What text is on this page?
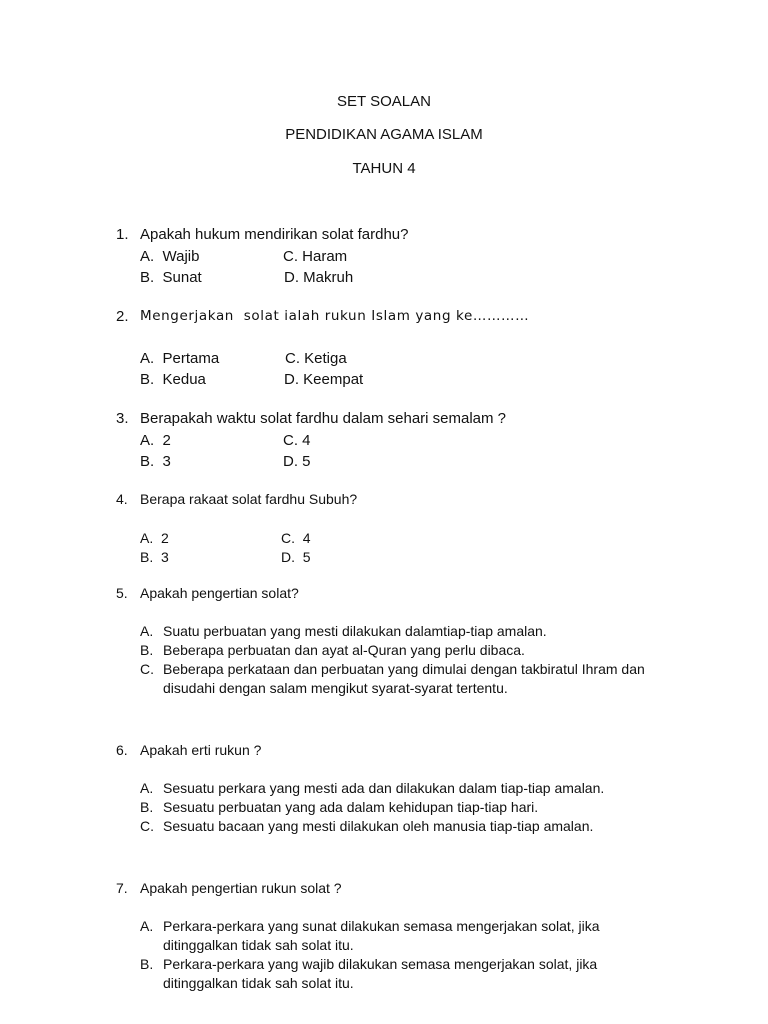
SET SOALAN
PENDIDIKAN AGAMA ISLAM
TAHUN 4
1. Apakah hukum mendirikan solat fardhu?
A.  Wajib	C. Haram
B.  Sunat	D. Makruh
2. Mengerjakan  solat ialah rukun Islam yang ke…………
A.  Pertama	C. Ketiga
B.  Kedua	D. Keempat
3. Berapakah waktu solat fardhu dalam sehari semalam ?
A.  2	C. 4
B.  3	D. 5
4. Berapa rakaat solat fardhu Subuh?
A.  2	C.  4
B.  3	D.  5
5. Apakah pengertian solat?
A. Suatu perbuatan yang mesti dilakukan dalamtiap-tiap amalan.
B. Beberapa perbuatan dan ayat al-Quran yang perlu dibaca.
C. Beberapa perkataan dan perbuatan yang dimulai dengan takbiratul Ihram dan disudahi dengan salam mengikut syarat-syarat tertentu.
6. Apakah erti rukun ?
A. Sesuatu perkara yang mesti ada dan dilakukan dalam tiap-tiap amalan.
B. Sesuatu perbuatan yang ada dalam kehidupan tiap-tiap hari.
C. Sesuatu bacaan yang mesti dilakukan oleh manusia tiap-tiap amalan.
7. Apakah pengertian rukun solat ?
A. Perkara-perkara yang sunat dilakukan semasa mengerjakan solat, jika ditinggalkan tidak sah solat itu.
B. Perkara-perkara yang wajib dilakukan semasa mengerjakan solat, jika ditinggalkan tidak sah solat itu.
